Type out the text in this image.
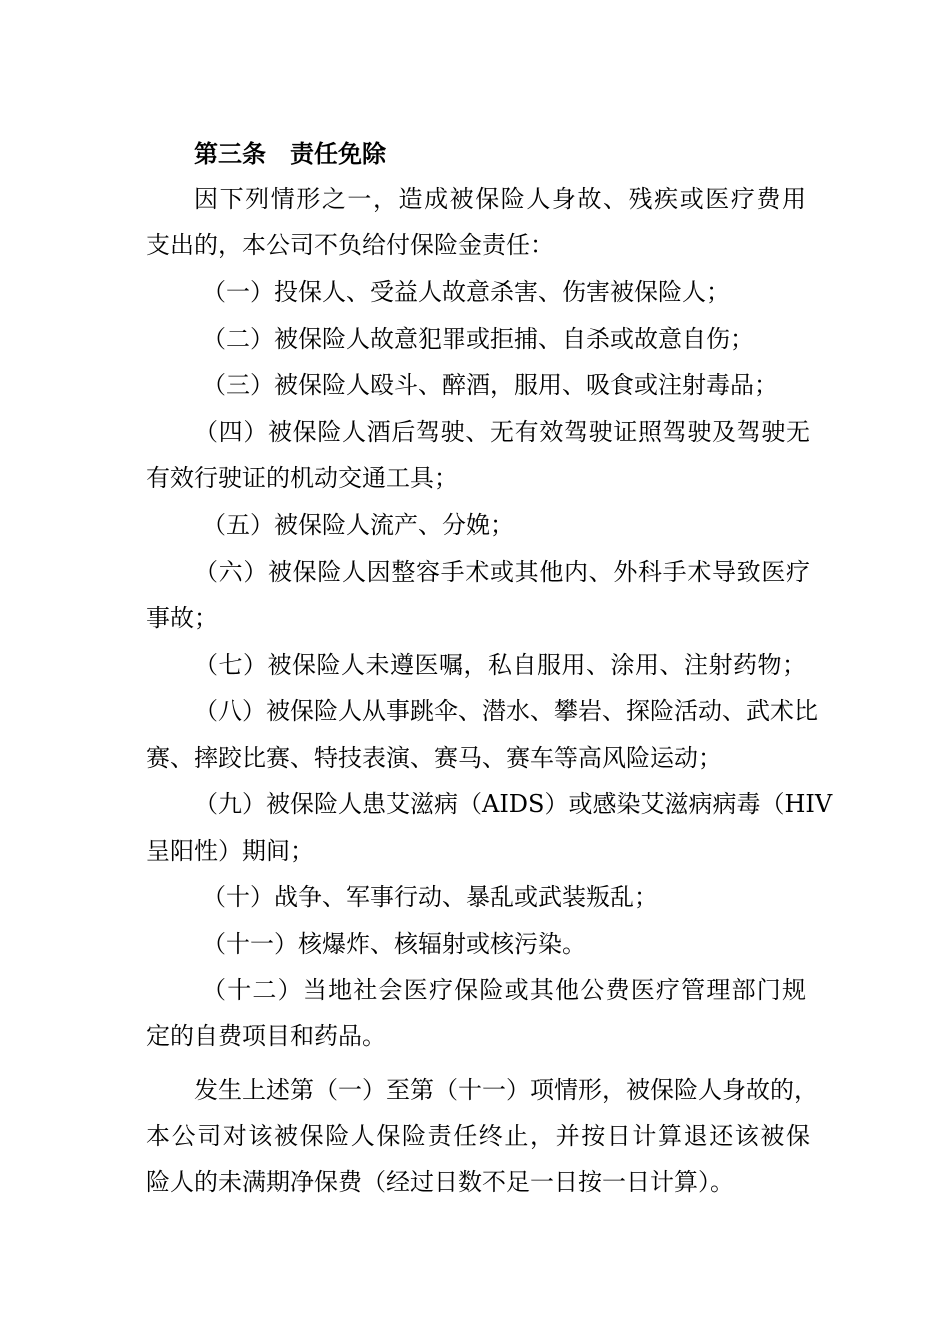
第三条　责任免除
因下列情形之一，造成被保险人身故、残疾或医疗费用
支出的，本公司不负给付保险金责任：
（一）投保人、受益人故意杀害、伤害被保险人；
（二）被保险人故意犯罪或拒捕、自杀或故意自伤；
（三）被保险人殴斗、醉酒，服用、吸食或注射毒品；
（四）被保险人酒后驾驶、无有效驾驶证照驾驶及驾驶无
有效行驶证的机动交通工具；
（五）被保险人流产、分娩；
（六）被保险人因整容手术或其他内、外科手术导致医疗
事故；
（七）被保险人未遵医嘱，私自服用、涂用、注射药物；
（八）被保险人从事跳伞、潜水、攀岩、探险活动、武术比
赛、摔跤比赛、特技表演、赛马、赛车等高风险运动；
（九）被保险人患艾滋病（AIDS）或感染艾滋病病毒（HIV
呈阳性）期间；
（十）战争、军事行动、暴乱或武装叛乱；
（十一）核爆炸、核辐射或核污染。
（十二）当地社会医疗保险或其他公费医疗管理部门规
定的自费项目和药品。
发生上述第（一）至第（十一）项情形，被保险人身故的，
本公司对该被保险人保险责任终止，并按日计算退还该被保
险人的未满期净保费（经过日数不足一日按一日计算）。
